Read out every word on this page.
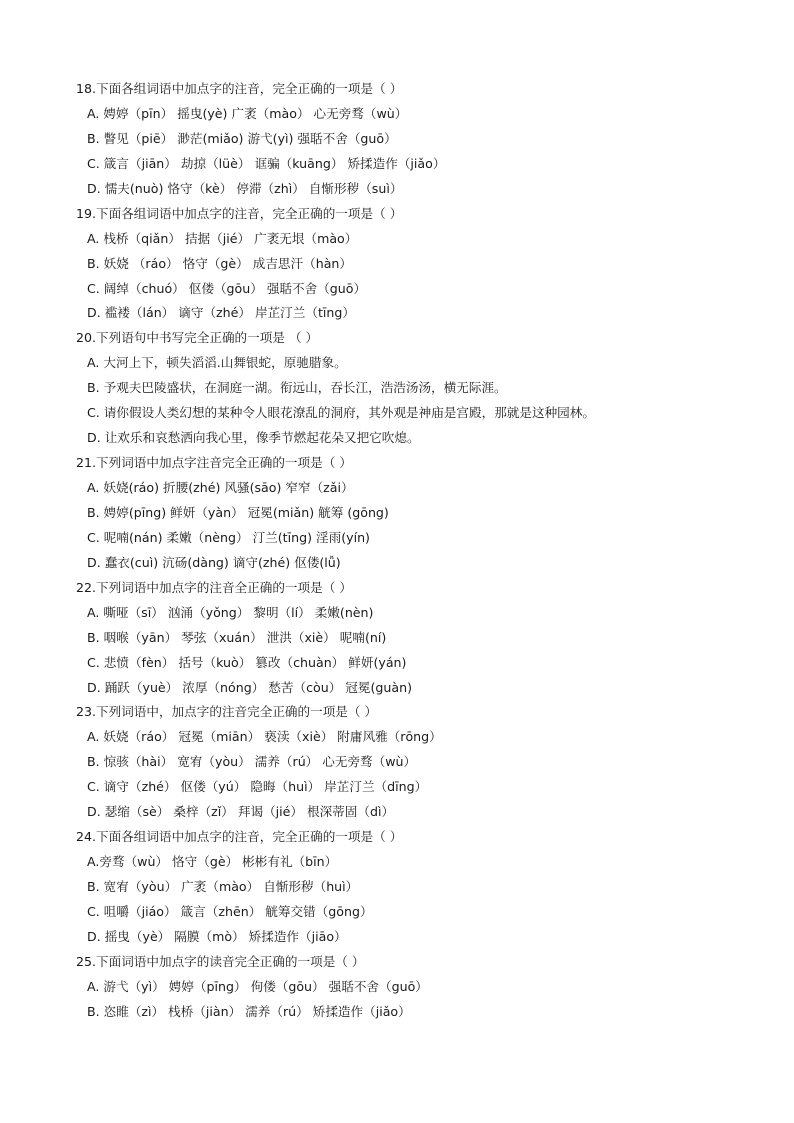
18.下面各组词语中加点字的注音，完全正确的一项是（ ）
A. 娉婷（pīn） 摇曳(yè) 广袤（mào） 心无旁骛（wù）
B. 瞥见（piē） 渺茫(miǎo) 游弋(yì) 强聒不舍（guō）
C. 箴言（jiān） 劫掠（lüè） 诓骗（kuāng） 矫揉造作（jiǎo）
D. 懦夫(nuò) 恪守（kè） 停滞（zhì） 自惭形秽（suì）
19.下面各组词语中加点字的注音，完全正确的一项是（ ）
A. 栈桥（qiǎn） 拮据（jié） 广袤无垠（mào）
B. 妖娆 （ráo） 恪守（gè） 成吉思汗（hàn）
C. 阔绰（chuó） 伛偻（gōu） 强聒不舍（guō）
D. 褴褛（lán） 谪守（zhé） 岸芷汀兰（tīng）
20.下列语句中书写完全正确的一项是 （ ）
A. 大河上下，顿失滔滔.山舞银蛇，原驰腊象。
B. 予观夫巴陵盛状，在洞庭一湖。衔远山，吞长江，浩浩汤汤，横无际涯。
C. 请你假设人类幻想的某种令人眼花潦乱的洞府，其外观是神庙是宫殿，那就是这种园林。
D. 让欢乐和哀愁洒向我心里，像季节燃起花朵又把它吹熄。
21.下列词语中加点字注音完全正确的一项是（ ）
A. 妖娆(ráo) 折腰(zhé) 风骚(sāo) 窄窄（zǎi）
B. 娉婷(pīng) 鲜妍（yàn） 冠冕(miǎn) 觥筹 (gōng)
C. 呢喃(nán) 柔嫩（nèng） 汀兰(tīng) 淫雨(yín)
D. 蠢衣(cuì) 沆砀(dàng) 谪守(zhé) 伛偻(lǚ)
22.下列词语中加点字的注音全正确的一项是（ ）
A. 嘶哑（sī） 汹涌（yǒng） 黎明（lí） 柔嫩(nèn)
B. 咽喉（yān） 琴弦（xuán） 泄洪（xiè） 呢喃(ní)
C. 悲愤（fèn） 括号（kuò） 篡改（chuàn） 鲜妍(yán)
D. 踊跃（yuè） 浓厚（nóng） 愁苦（còu） 冠冕(guàn)
23.下列词语中，加点字的注音完全正确的一项是（ ）
A. 妖娆（ráo） 冠冕（miān） 亵渎（xiè） 附庸风雅（rōng）
B. 惊骇（hài） 宽宥（yòu） 濡养（rú） 心无旁骛（wù）
C. 谪守（zhé） 伛偻（yú） 隐晦（huì） 岸芷汀兰（dīng）
D. 瑟缩（sè） 桑梓（zǐ） 拜谒（jié） 根深蒂固（dì）
24.下面各组词语中加点字的注音，完全正确的一项是（ ）
A.旁骛（wù） 恪守（gè） 彬彬有礼（bīn）
B. 宽宥（yòu） 广袤（mào） 自惭形秽（huì）
C. 咀嚼（jiáo） 箴言（zhēn） 觥筹交错（gōng）
D. 摇曳（yè） 隔膜（mò） 矫揉造作（jiāo）
25.下面词语中加点字的读音完全正确的一项是（ ）
A. 游弋（yì） 娉婷（pīng） 佝偻（gōu） 强聒不舍（guō）
B. 恣睢（zì） 栈桥（jiàn） 濡养（rú） 矫揉造作（jiǎo）
